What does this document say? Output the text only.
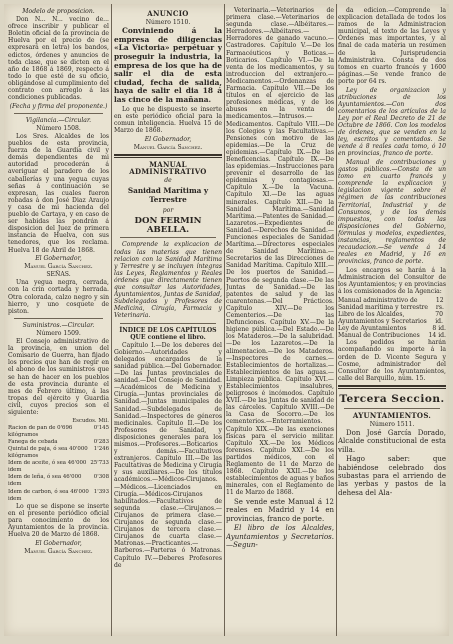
Modelo de proposicion.

Don N... N... vecino de... ofrece inscribir y publicar el Boletin oficial de la provincia de Huelva por el precio de (se expresará en letra) los bandos, edictos, órdenes y anuncios de toda clase, que se dicten en el año de 1868 á 1869, respecto á todo lo que esté de su oficio, obligándose al cumplimiento del contrato con arreglo á las condiciones publicadas.

(Fecha y firma del proponente.)

Vigilancia.—Circular.

Número 1508.

Los Sres. Alcaldes de los pueblos de esta provincia, fuerza de la Guardia civil y demás dependientes de mi autoridad procederán á averiguar el paradero de los caballerías y una yegua cuyas señas á continuación se expresan, las cuales fueron robadas á don José Diaz Araujo y casa de mi hacienda del pueblo de Cartaya, y en caso de ser habidas las pondrán á disposicion del Juez de primera instancia de Huelva, con sus tenedores, que los reclama. Huelva 18 de Abril de 1868.

El Gobernador,

Manuel García Sanchez.

SEÑAS.

Una yegua negra, cerrada, con la crin cortada y herrada. Otra colorada, calzo negro y sin hierro, y uno cosquete de piston.

Suministros.—Circular.

Número 1509.

El Consejo administrativo de la provincia, en union del Comisario de Guerra, han fijado los precios que han de regir en el abono de los suministros que se han de hacer en los pueblos de esta provincia durante el mes de Febrero último, á las tropas del ejército y Guardia civil, cuyos precios son el siguiente:

Escudos. Mil.

Racion de pan de 0'696 kilógramos
0'145
Fanega de cebada	0'283
Quintal de paja, ó sea 40'000 kilógramos
1'246
Idem de aceite, ó sea 46'000 idem
25'733
Idem de leña, ó sea 46'000 idem
0'308
Idem de carbon, ó sea 46'000 idem
1'393

Lo que se dispone se inserte en el presente periódico oficial para conocimiento de los Ayuntamientos de la provincia. Huelva 20 de Marzo de 1868.

El Gobernador,

Manuel García Sanchez.

ANUNCIO

Número 1510.

Conviniendo á la empresa de diligencias «La Victoria» perpétuar y proseguir la industria, la empresa de los que ha de salir el dia de esta ciudad, fecha de salida, haya de salir el dia 18 á las cinco de la mañana.

Lo que he dispuesto se inserte en este periódico oficial para la comun inteligencia. Huelva 15 de Marzo de 1868.

El Gobernador,

Manuel García Sanchez.

MANUAL ADMINISTRATIVO

de

Sanidad Marítima y Terrestre

por

DON FERMIN ABELLA.

Comprende la explicacion de todas las materias que tienen relacion con la Sanidad Marítima y Terrestre y se incluyen íntegras las Leyes, Reglamentos y Reales órdenes que directamente tienen que consultar las Autoridades, Ayuntamientos, Juntas de Sanidad, Subdelegados y Profesores de Medicina, Cirugía, Farmacia y Veterinaria.

ÍNDICE DE LOS CAPÍTULOS QUE contiene el libro.

Capítulo I.—De los deberes del Gobierno.—Autoridades y delegados encargados de la sanidad pública.—Del Gobernador.—De las Juntas provinciales de sanidad.—Del Consejo de Sanidad.—Académicos de Medicina y Cirugía.—Juntas provinciales de Sanidad.—Juntas municipales de Sanidad.—Subdelegados de Sanidad.—Inspectores de géneros medicinales. Capítulo II.—De los Profesores de Sanidad, y disposiciones generales para los mismos.—Profesores.—Boticarios y demás.—Facultativos extranjeros. Capítulo III.—De las Facultativas de Medicina y Cirugía y sus auxiliares.—De los títulos académicos.—Médicos-Cirujanos.—Médicos.—Licenciados en Cirugía.—Médicos-Cirujanos habilitados.—Facultativos de segunda clase.—Cirujanos.—Cirujanos de primera clase.—Cirujanos de segunda clase.—Cirujanos de tercera clase.—Cirujanos de cuarta clase.—Matronas.—Practicantes.—Barberos.—Parteras ó Matronas. Capítulo IV.—Deberes Profesores de

Veterinaria.—Veterinarios de primera clase.—Veterinarios de segunda clase.—Albéitares.—Herradores.—Albéitares.—Herradores de ganado vacuno.—Castradores. Capítulo V.—De los Farmacéuticos y Boticas.—Boticarios. Capítulo VI.—De la venta de los medicamentos, y su introduccion del extranjero.—Medicamentos.—Ordenanzas de Farmacia. Capítulo VII.—De los títulos en el ejercicio de las profesiones médicas, y de los abusos en la venta de medicamentos.—Intrusos.—Medicamentos. Capítulo VIII.—De los Colegios y las Facultativas.—Pensiones con motivo de las epidemias.—De la Cruz de epidemias.—Capítulo IX.—De las Beneficencias. Capítulo IX.—De las epidemias.—Instrucciones para prevenir el desarrollo de las epidemias y contagiosas.—Capítulo X.—De la Vacuna. Capítulo XI.—De las aguas minerales. Capítulo XII.—De la Sanidad Marítima.—Sanidad Marítima.—Patentes de Sanidad.—Lazaretos.—Expedientes de Sanidad.—Derechos de Sanidad.—Funciones especiales de Sanidad Marítima.—Directores especiales de Sanidad Marítima.—Secretarios de las Direcciones de Sanidad Marítima. Capítulo XIII.—De los puertos de Sanidad.—Puertos de segunda clase.—De las Juntas de Sanidad.—De las patentes de salud y de las cuarentenas.—Del Prácticos. Capítulo XIV.—De los Cementerios.—De las Defunciones. Capítulo XV.—De la higiene pública.—Del Estado.—De los Mataderos.—De la salubridad.—De los Lazaretos.—De la alimentacion.—De los Mataderos.—Inspectores de carnes.—Establecimientos de hortalizas.—Establecimientos de las aguas.—Limpieza pública. Capítulo XVI.—Establecimientos insalubres, peligrosos é incómodos. Capítulo XVII.—De las Juntas de sanidad de las cárceles. Capítulo XVIII.—De la Casa de Socorro.—De los cementerios.—Enterramientos. Capítulo XIX.—De las exenciones físicas para el servicio militar. Capítulo XX.—De los Médicos forenses. Capítulo XXI.—De los partidos médicos, con el Reglamento de 11 de Marzo de 1868. Capítulo XXII.—De los establecimientos de aguas y baños minerales, con el Reglamento de 11 de Marzo de 1868.

Se vende este Manual á 12 reales en Madrid y 14 en provincias, franco de porte.

El libro de los Alcaldes, Ayuntamientos y Secretarios.—Segun-

da edicion.—Comprende la explicacion detallada de todos los ramos de la Administracion municipal, el texto de las Leyes y Órdenes mas importantes, y al final de cada materia un resúmen de la Jurisprudencia Administrativa. Consta de dos tomos en cuarto francés y 1600 páginas.—Se vende franco de porte por 64 rs.

Ley de organizacion y atribuciones de los Ayuntamientos.—Con dos comentarios de los artículos de la Ley por el Real Decreto de 21 de Octubre de 1866. Con los modelos de órdenes, que se venden en la ley, escritos y comentados. Se vende á 8 reales cada tomo, ó 10 en provincias, franco de porte.

Manual de contribuciones y gastos públicos.—Consta de un tomo en cuarto francés y comprende la explicacion y legislacion vigente sobre el régimen de las contribuciones Territorial, Industrial y de Consumos, y de los demás impuestos, con todas las disposiciones del Gobierno, fórmulas y modelos, expedientes, instancias, reglamentos de recaudacion.—Se vende á 14 reales en Madrid, y 16 en provincias, franco de porte.

Los encargos se harán á la Administracion del Consultor de los Ayuntamientos; y en provincias á los comisionados de la Agencia:

Manual administrativo de Sanidad marítima y terrestre
12 rs.
Libro de los Alcaldes, Ayuntamientos y Secretarios
70 id.
Ley de Ayuntamientos	8 id.
Manual de Contribuciones 14 id.

Los pedidos se harán acompañando su importe á la orden de D. Vicente Segura y Cosme, administrador del Consultor de los Ayuntamientos, calle del Barquillo, núm. 15.

Tercera Seccion.

AYUNTAMIENTOS.

Número 1511.

Don José García Dorado, Alcalde constitucional de esta villa.

Hago saber: que habiéndose celebrado dos subastas para el arriendo de las yerbas y pastos de la dehesa del Ala-
